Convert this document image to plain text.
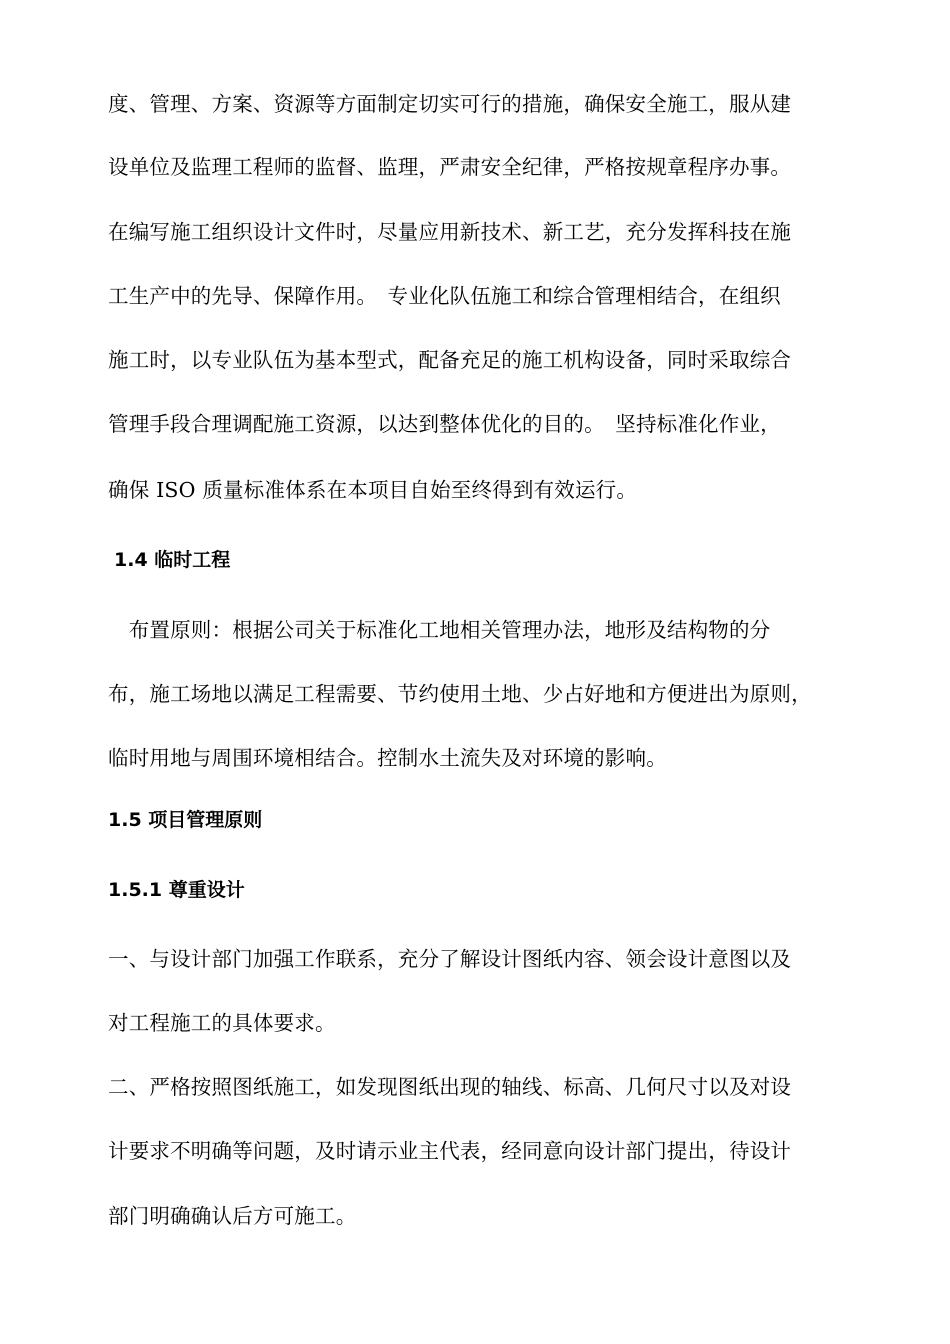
度、管理、方案、资源等方面制定切实可行的措施，确保安全施工，服从建
设单位及监理工程师的监督、监理，严肃安全纪律，严格按规章程序办事。
在编写施工组织设计文件时，尽量应用新技术、新工艺，充分发挥科技在施
工生产中的先导、保障作用。　专业化队伍施工和综合管理相结合，在组织
施工时，以专业队伍为基本型式，配备充足的施工机构设备，同时采取综合
管理手段合理调配施工资源，以达到整体优化的目的。　坚持标准化作业，
确保 ISO 质量标准体系在本项目自始至终得到有效运行。
1.4 临时工程
　布置原则：根据公司关于标准化工地相关管理办法，地形及结构物的分
布，施工场地以满足工程需要、节约使用土地、少占好地和方便进出为原则，
临时用地与周围环境相结合。控制水土流失及对环境的影响。
1.5 项目管理原则
1.5.1 尊重设计
一、与设计部门加强工作联系，充分了解设计图纸内容、领会设计意图以及
对工程施工的具体要求。
二、严格按照图纸施工，如发现图纸出现的轴线、标高、几何尺寸以及对设
计要求不明确等问题，及时请示业主代表，经同意向设计部门提出，待设计
部门明确确认后方可施工。
